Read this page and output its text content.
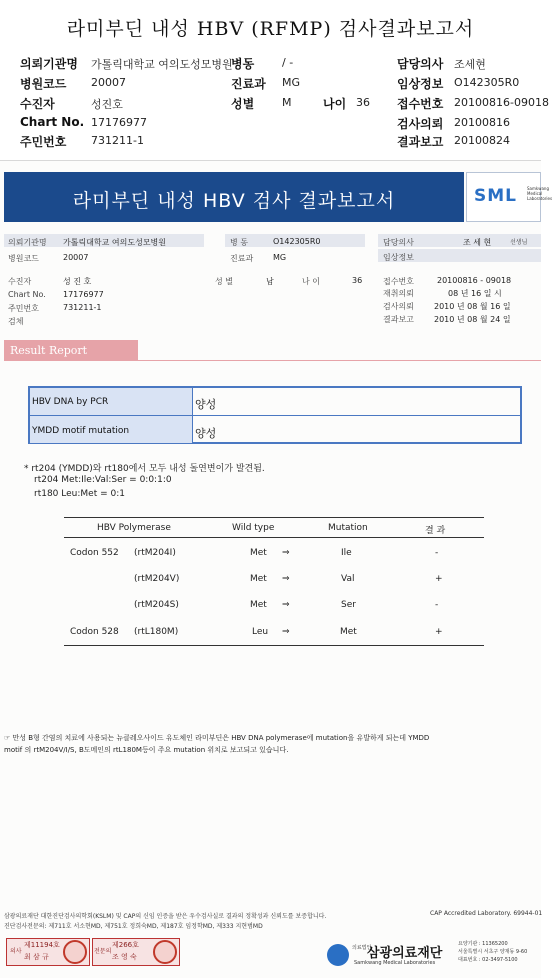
라미부딘 내성 HBV (RFMP) 검사결과보고서
의뢰기관명 가톨릭대학교 여의도성모병원
병동	/ -	담당의사 조세현
병원코드 20007	진료과 MG	임상정보 O142305R0
수진자	성진호	성별	M	나이 36 접수번호 20100816-09018
Chart No. 17176977	검사의뢰 20100816
주민번호 731211-1	결과보고 20100824
라미부딘 내성 HBV 검사 결과보고서	SML	Samkwang Medical Laboratories
의뢰기관명 가톨릭대학교 여의도성모병원	병 동	O142305R0	담당의사	조 세 현	선생님
병원코드	20007	진료과 MG	임상정보
수진자	성 진 호	성 별	남	나 이	36	접수번호	20100816 - 09018
Chart No. 17176977	재취의뢰	08 년 16 일 시
주민번호	731211-1	검사의뢰	2010 년 08 월 16 일
검체	결과보고	2010 년 08 월 24 일
Result Report
HBV DNA by PCR	양성
YMDD motif mutation	양성
* rt204 (YMDD)와 rt180에서 모두 내성 돌연변이가 발견됨.
rt204 Met:Ile:Val:Ser = 0:0:1:0
rt180 Leu:Met = 0:1
HBV Polymerase	Wild type	Mutation	결 과
Codon 552 (rtM204I)	Met ⇒	Ile	-
(rtM204V)	Met ⇒	Val	+
(rtM204S)	Met ⇒	Ser	-
Codon 528 (rtL180M)	Leu ⇒	Met	+
☞ 만성 B형 간염의 치료에 사용되는 뉴클레오사이드 유도체인 라미부딘은 HBV DNA polymerase에 mutation을 유발하게 되는데 YMDD
motif 의 rtM204V/I/S, B도메인의 rtL180M등이 주요 mutation 위치로 보고되고 있습니다.
삼광의료재단 대한진단검사의학회(KSLM) 및 CAP의 신임 인증을 받은 우수검사실로 결과의 정확성과 신뢰도를 보증합니다.
진단검사전문의: 제711호 서소현MD, 제751호 정희숙MD, 제187호 임정학MD, 제333 지현범MD
CAP Accredited Laboratory. 69944-01
의사
제11194호
최 삼 규
전문의
제266호
조 영 숙
의료법인
삼광의료재단
Samkwang Medical Laboratories
요양기관 : 11365200
서울특별시 서초구 양재동 9-60
대표번호 : 02-3497-5100
